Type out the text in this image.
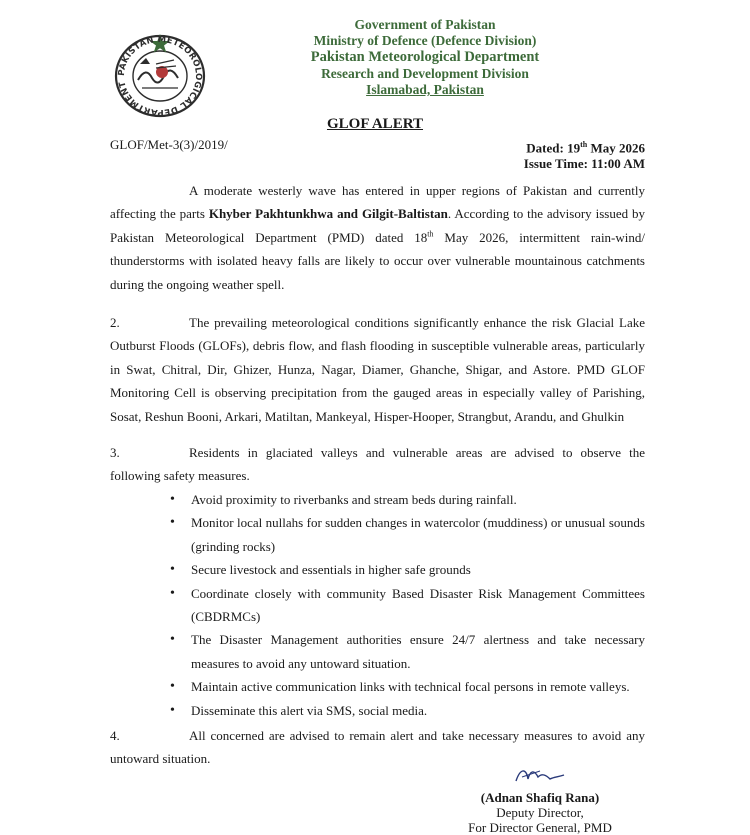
PAKISTAN METEOROLOGICAL DEPARTMENT
Government of Pakistan
Ministry of Defence (Defence Division)
Pakistan Meteorological Department
Research and Development Division
Islamabad, Pakistan
GLOF ALERT
GLOF/Met-3(3)/2019/	Dated: 19th May 2026
Issue Time: 11:00 AM
A moderate westerly wave has entered in upper regions of Pakistan and currently affecting the parts Khyber Pakhtunkhwa and Gilgit-Baltistan. According to the advisory issued by Pakistan Meteorological Department (PMD) dated 18th May 2026, intermittent rain-wind/ thunderstorms with isolated heavy falls are likely to occur over vulnerable mountainous catchments during the ongoing weather spell.
2.	The prevailing meteorological conditions significantly enhance the risk Glacial Lake Outburst Floods (GLOFs), debris flow, and flash flooding in susceptible vulnerable areas, particularly in Swat, Chitral, Dir, Ghizer, Hunza, Nagar, Diamer, Ghanche, Shigar, and Astore. PMD GLOF Monitoring Cell is observing precipitation from the gauged areas in especially valley of Parishing, Sosat, Reshun Booni, Arkari, Matiltan, Mankeyal, Hisper-Hooper, Strangbut, Arandu, and Ghulkin
3.	Residents in glaciated valleys and vulnerable areas are advised to observe the following safety measures.
• Avoid proximity to riverbanks and stream beds during rainfall.
• Monitor local nullahs for sudden changes in watercolor (muddiness) or unusual sounds (grinding rocks)
• Secure livestock and essentials in higher safe grounds
• Coordinate closely with community Based Disaster Risk Management Committees (CBDRMCs)
• The Disaster Management authorities ensure 24/7 alertness and take necessary measures to avoid any untoward situation.
• Maintain active communication links with technical focal persons in remote valleys.
• Disseminate this alert via SMS, social media.
4.	All concerned are advised to remain alert and take necessary measures to avoid any untoward situation.
(Adnan Shafiq Rana)
Deputy Director,
For Director General, PMD
